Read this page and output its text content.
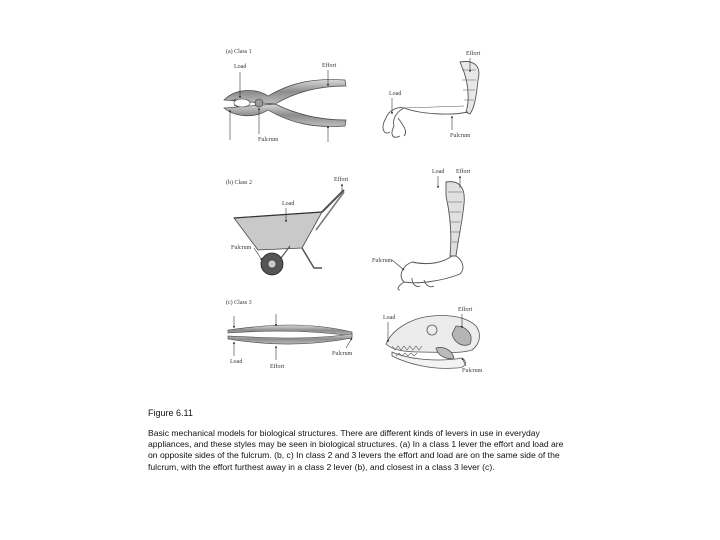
(a) Class 1
Load	Effort
Fulcrum
Effort
Load
Fulcrum
(b) Class 2	Effort
Load
Fulcrum
Load Effort
Fulcrum
(c) Class 3
Load
Effort
Fulcrum
Effort
Load
Fulcrum
Figure 6.11
Basic mechanical models for biological structures. There are different kinds of levers in use in everyday appliances, and these styles may be seen in biological structures. (a) In a class 1 lever the effort and load are on opposite sides of the fulcrum. (b, c) In class 2 and 3 levers the effort and load are on the same side of the fulcrum, with the effort furthest away in a class 2 lever (b), and closest in a class 3 lever (c).
